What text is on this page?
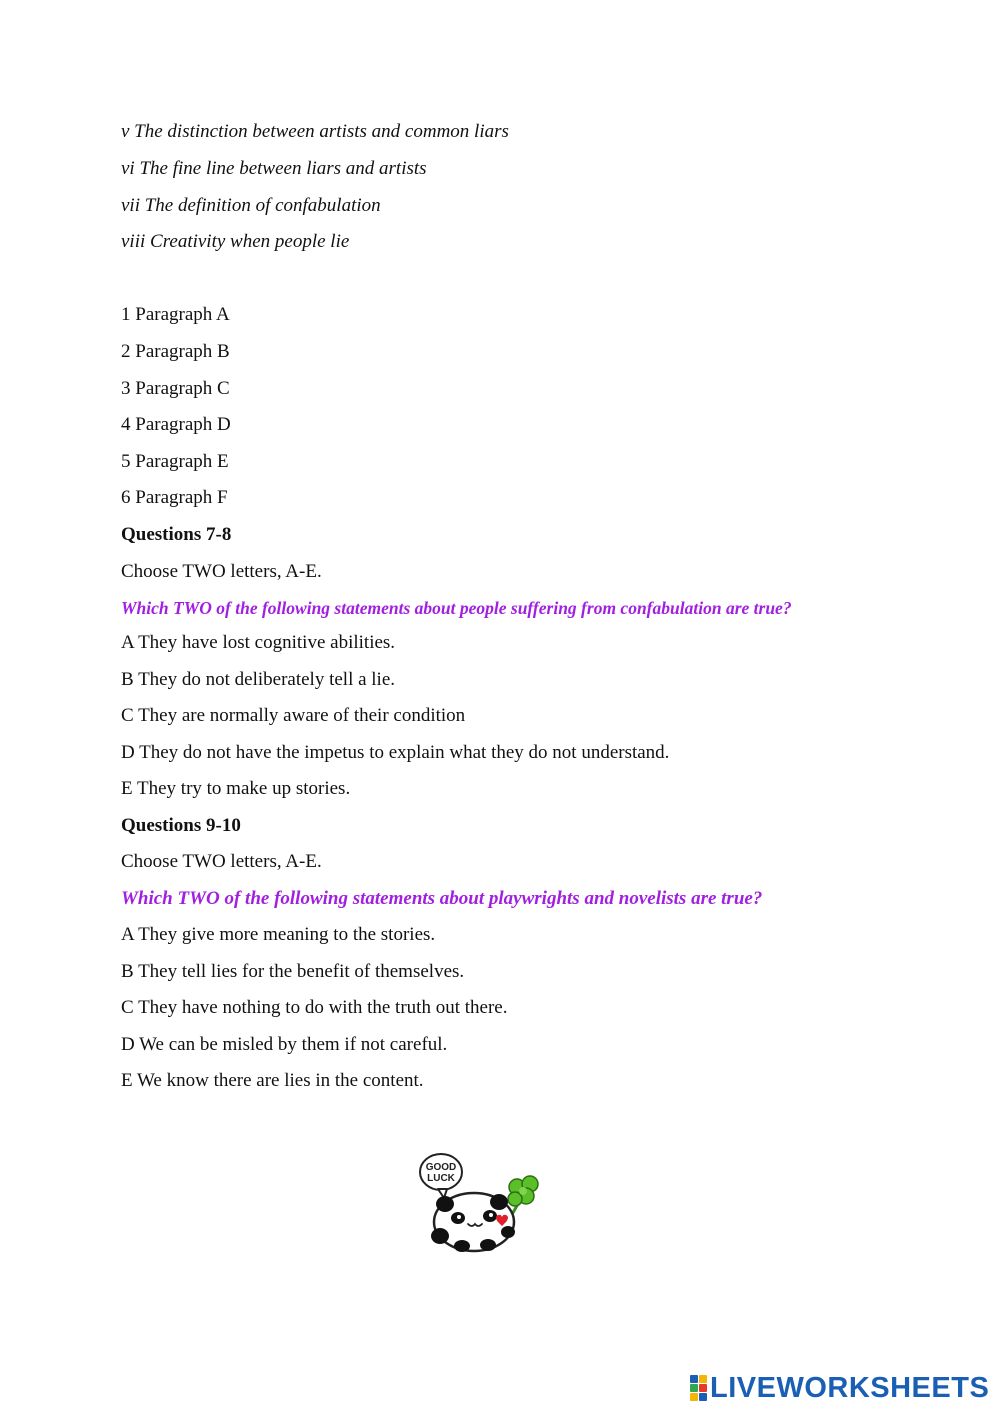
v The distinction between artists and common liars
vi The fine line between liars and artists
vii The definition of confabulation
viii Creativity when people lie
1 Paragraph A
2 Paragraph B
3 Paragraph C
4 Paragraph D
5 Paragraph E
6 Paragraph F
Questions 7-8
Choose TWO letters, A-E.
Which TWO of the following statements about people suffering from confabulation are true?
A They have lost cognitive abilities.
B They do not deliberately tell a lie.
C They are normally aware of their condition
D They do not have the impetus to explain what they do not understand.
E They try to make up stories.
Questions 9-10
Choose TWO letters, A-E.
Which TWO of the following statements about playwrights and novelists are true?
A They give more meaning to the stories.
B They tell lies for the benefit of themselves.
C They have nothing to do with the truth out there.
D We can be misled by them if not careful.
E We know there are lies in the content.
GOOD
LUCK
LIVEWORKSHEETS
